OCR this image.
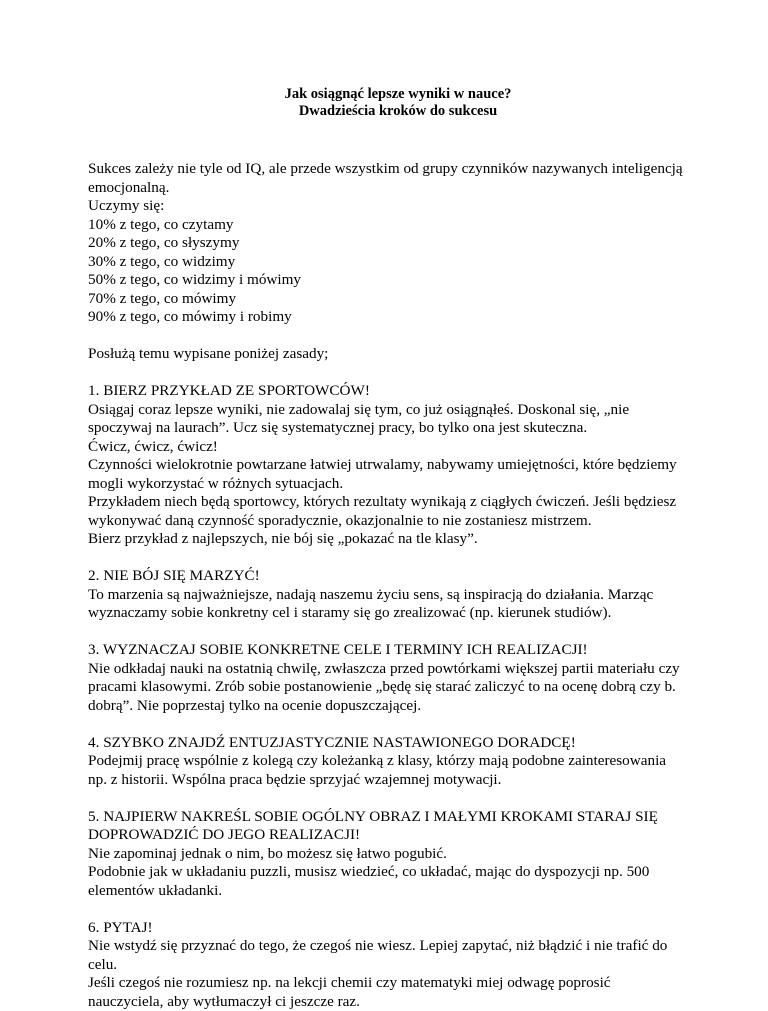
Jak osiągnąć lepsze wyniki w nauce?
Dwadzieścia kroków do sukcesu
Sukces zależy nie tyle od IQ, ale przede wszystkim od grupy czynników nazywanych inteligencją emocjonalną.
Uczymy się:
10% z tego, co czytamy
20% z tego, co słyszymy
30% z tego, co widzimy
50% z tego, co widzimy i mówimy
70% z tego, co mówimy
90% z tego, co mówimy i robimy
Posłużą temu wypisane poniżej zasady;
1. BIERZ PRZYKŁAD ZE SPORTOWCÓW!
Osiągaj coraz lepsze wyniki, nie zadowalaj się tym, co już osiągnąłeś. Doskonal się, „nie spoczywaj na laurach”. Ucz się systematycznej pracy, bo tylko ona jest skuteczna.
Ćwicz, ćwicz, ćwicz!
Czynności wielokrotnie powtarzane łatwiej utrwalamy, nabywamy umiejętności, które będziemy mogli wykorzystać w różnych sytuacjach.
Przykładem niech będą sportowcy, których rezultaty wynikają z ciągłych ćwiczeń. Jeśli będziesz wykonywać daną czynność sporadycznie, okazjonalnie to nie zostaniesz mistrzem.
Bierz przykład z najlepszych, nie bój się „pokazać na tle klasy”.
2. NIE BÓJ SIĘ MARZYĆ!
To marzenia są najważniejsze, nadają naszemu życiu sens, są inspiracją do działania. Marząc wyznaczamy sobie konkretny cel i staramy się go zrealizować (np. kierunek studiów).
3. WYZNACZAJ SOBIE KONKRETNE CELE I TERMINY ICH REALIZACJI!
Nie odkładaj nauki na ostatnią chwilę, zwłaszcza przed powtórkami większej partii materiału czy pracami klasowymi. Zrób sobie postanowienie „będę się starać zaliczyć to na ocenę dobrą czy b. dobrą”. Nie poprzestaj tylko na ocenie dopuszczającej.
4. SZYBKO ZNAJDŹ ENTUZJASTYCZNIE NASTAWIONEGO DORADCĘ!
Podejmij pracę wspólnie z kolegą czy koleżanką z klasy, którzy mają podobne zainteresowania np. z historii. Wspólna praca będzie sprzyjać wzajemnej motywacji.
5. NAJPIERW NAKREŚL SOBIE OGÓLNY OBRAZ I MAŁYMI KROKAMI STARAJ SIĘ DOPROWADZIĆ DO JEGO REALIZACJI!
Nie zapominaj jednak o nim, bo możesz się łatwo pogubić.
Podobnie jak w układaniu puzzli, musisz wiedzieć, co układać, mając do dyspozycji np. 500 elementów układanki.
6. PYTAJ!
Nie wstydź się przyznać do tego, że czegoś nie wiesz. Lepiej zapytać, niż błądzić i nie trafić do celu.
Jeśli czegoś nie rozumiesz np. na lekcji chemii czy matematyki miej odwagę poprosić nauczyciela, aby wytłumaczył ci jeszcze raz.
